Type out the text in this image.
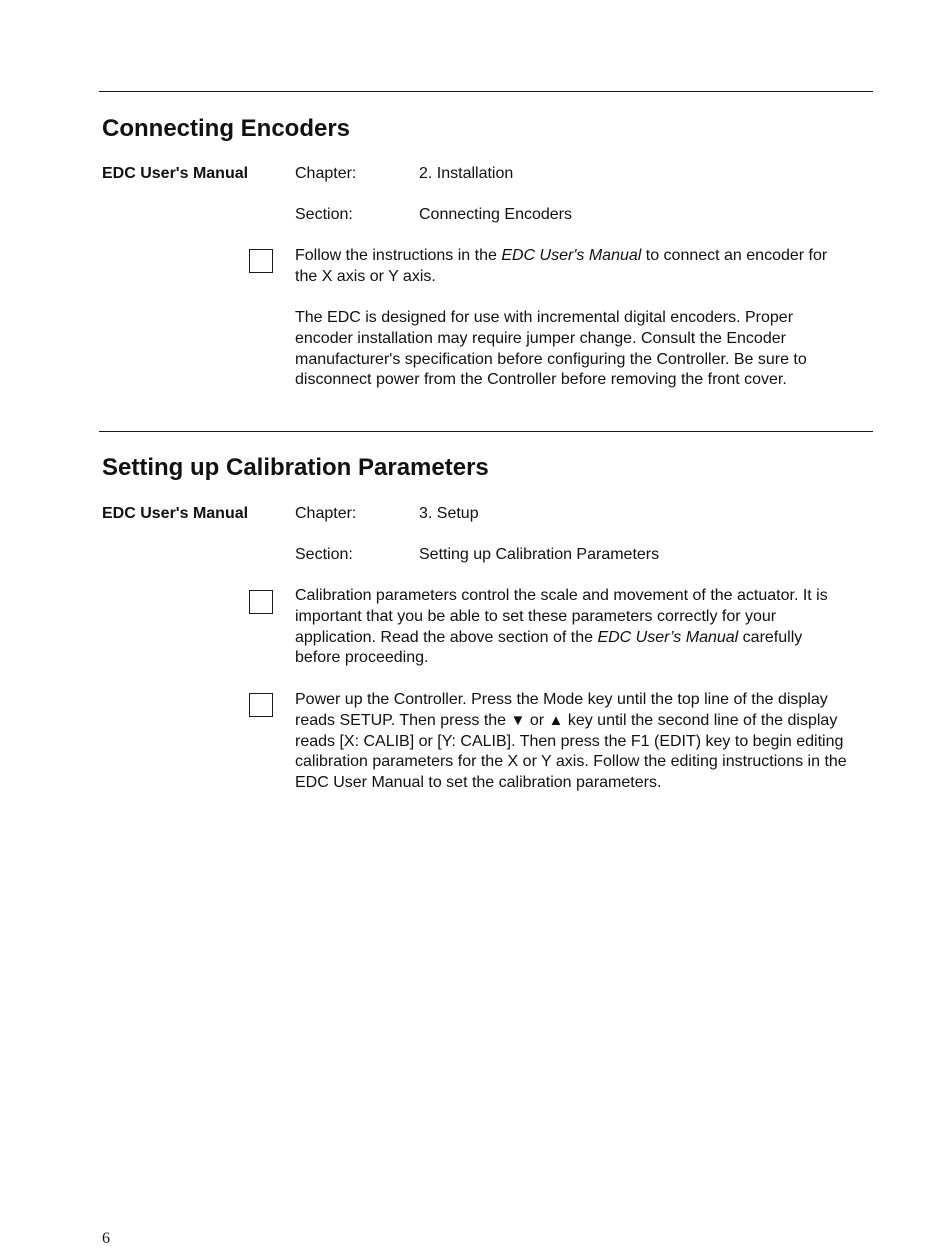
Connecting Encoders
EDC User's Manual	Chapter:	2. Installation
Section:	Connecting Encoders

Follow the instructions in the EDC User's Manual to connect an encoder for the X axis or Y axis.

The EDC is designed for use with incremental digital encoders. Proper encoder installation may require jumper change. Consult the Encoder manufacturer's specification before configuring the Controller. Be sure to disconnect power from the Controller before removing the front cover.

Setting up Calibration Parameters
EDC User's Manual	Chapter:	3. Setup
Section:	Setting up Calibration Parameters

Calibration parameters control the scale and movement of the actuator. It is important that you be able to set these parameters correctly for your application. Read the above section of the EDC User’s Manual carefully before proceeding.

Power up the Controller. Press the Mode key until the top line of the display reads SETUP. Then press the ▼ or ▲ key until the second line of the display reads [X: CALIB] or [Y: CALIB]. Then press the F1 (EDIT) key to begin editing calibration parameters for the X or Y axis. Follow the editing instructions in the EDC User Manual to set the calibration parameters.

6
